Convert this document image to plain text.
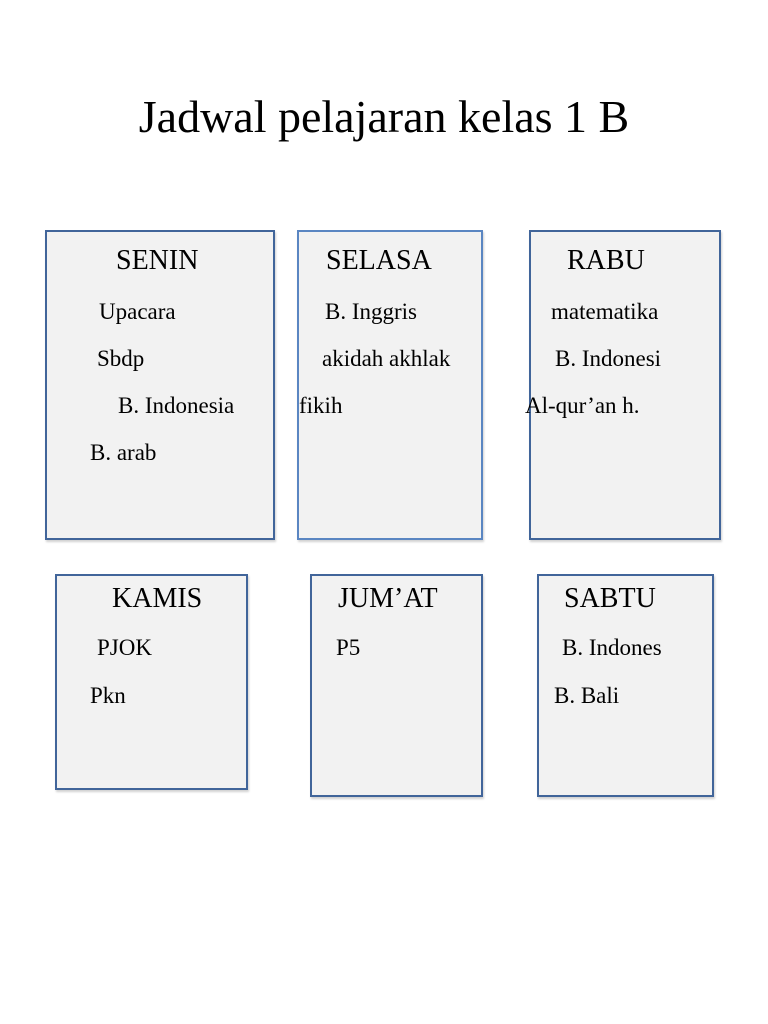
Jadwal pelajaran kelas 1 B
SENIN
Upacara
Sbdp
B. Indonesia
B. arab
SELASA
B. Inggris
akidah akhlak
fikih
RABU
matematika
B. Indonesi
Al-qur’an h.
KAMIS
PJOK
Pkn
JUM’AT
P5
SABTU
B. Indones
B. Bali
